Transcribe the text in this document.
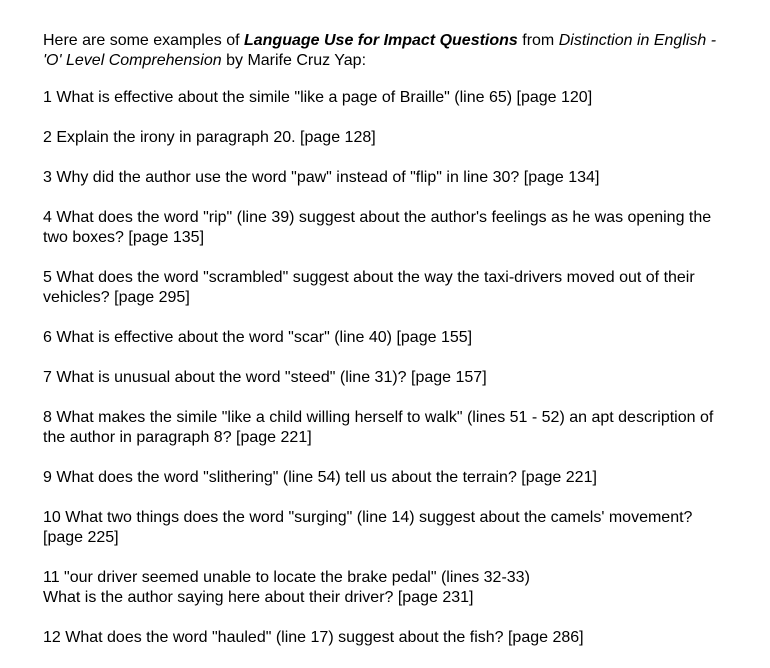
Here are some examples of Language Use for Impact Questions from Distinction in English - 'O' Level Comprehension by Marife Cruz Yap:

1 What is effective about the simile "like a page of Braille" (line 65) [page 120]

2 Explain the irony in paragraph 20. [page 128]

3 Why did the author use the word "paw" instead of "flip" in line 30? [page 134]

4 What does the word "rip" (line 39) suggest about the author's feelings as he was opening the two boxes? [page 135]

5 What does the word "scrambled" suggest about the way the taxi-drivers moved out of their vehicles? [page 295]

6 What is effective about the word "scar" (line 40) [page 155]

7 What is unusual about the word "steed" (line 31)? [page 157]

8 What makes the simile "like a child willing herself to walk" (lines 51 - 52) an apt description of the author in paragraph 8? [page 221]

9 What does the word "slithering" (line 54) tell us about the terrain? [page 221]

10 What two things does the word "surging" (line 14) suggest about the camels' movement? [page 225]

11 "our driver seemed unable to locate the brake pedal" (lines 32-33)
What is the author saying here about their driver? [page 231]

12 What does the word "hauled" (line 17) suggest about the fish? [page 286]
